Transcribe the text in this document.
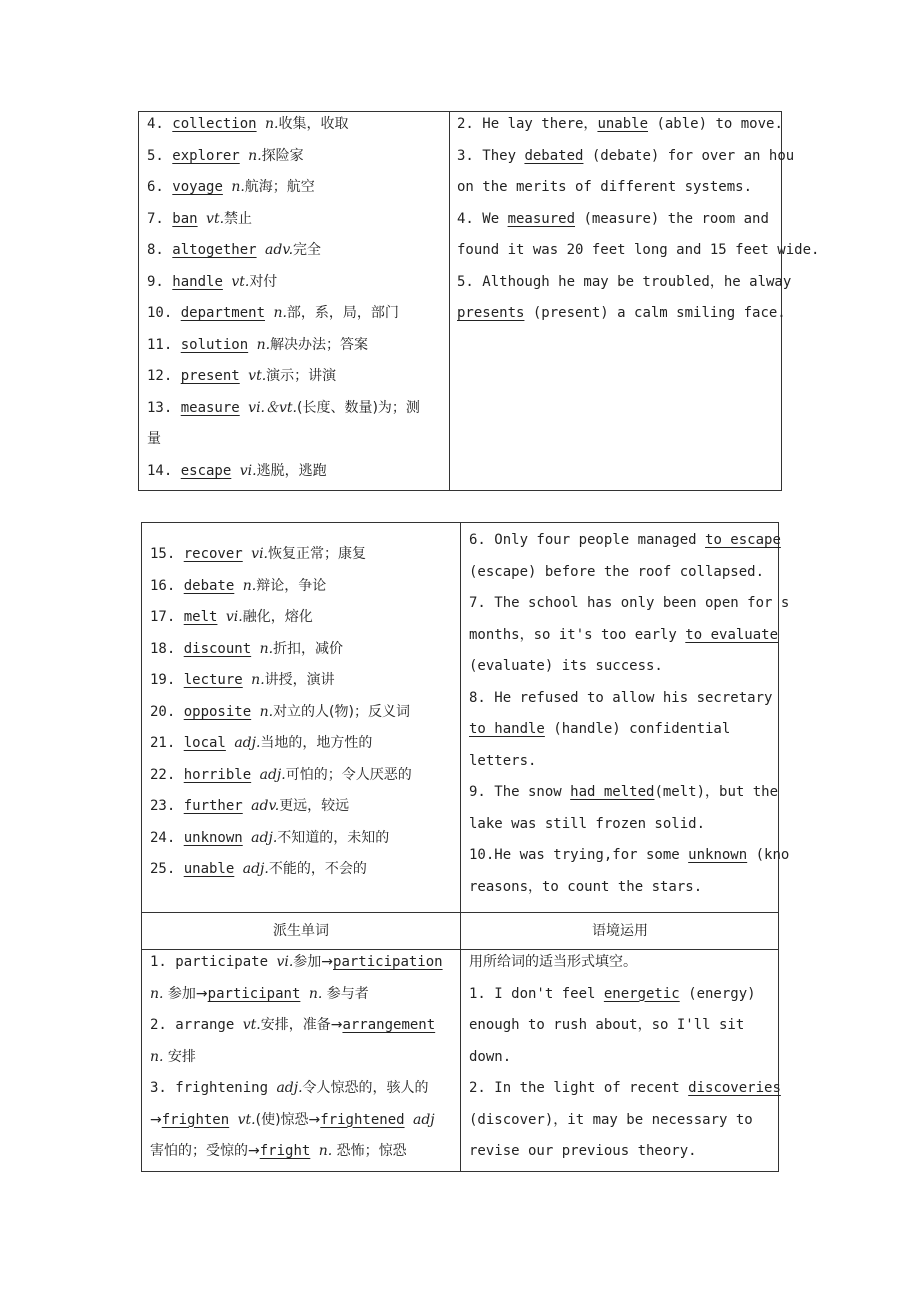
4. collection n.收集，收取
5. explorer n.探险家
6. voyage n.航海；航空
7. ban vt.禁止
8. altogether adv.完全
9. handle vt.对付
10. department n.部，系，局，部门
11. solution n.解决办法；答案
12. present vt.演示；讲演
13. measure vi.＆vt.(长度、数量)为；测
量
14. escape vi.逃脱，逃跑
2. He lay there，unable (able) to move.
3. They debated (debate) for over an hou
on the merits of different systems.
4. We measured (measure) the room and
found it was 20 feet long and 15 feet wide.
5. Although he may be troubled，he alway
presents (present) a calm smiling face.
15. recover vi.恢复正常；康复
16. debate n.辩论，争论
17. melt vi.融化，熔化
18. discount n.折扣，减价
19. lecture n.讲授，演讲
20. opposite n.对立的人(物)；反义词
21. local adj.当地的，地方性的
22. horrible adj.可怕的；令人厌恶的
23. further adv.更远，较远
24. unknown adj.不知道的，未知的
25. unable adj.不能的，不会的
6. Only four people managed to escape
(escape) before the roof collapsed.
7. The school has only been open for s
months，so it's too early to evaluate
(evaluate) its success.
8. He refused to allow his secretary
to handle (handle) confidential
letters.
9. The snow had melted(melt)，but the
lake was still frozen solid.
10.He was trying,for some unknown (kno
reasons，to count the stars.
派生单词	语境运用
1. participate vi.参加→participation
n. 参加→participant n. 参与者
2. arrange vt.安排，准备→arrangement
n. 安排
3. frightening adj.令人惊恐的，骇人的
→frighten vt.(使)惊恐→frightened adj
害怕的；受惊的→fright n. 恐怖；惊恐
用所给词的适当形式填空。
1. I don't feel energetic (energy)
enough to rush about，so I'll sit
down.
2. In the light of recent discoveries
(discover)，it may be necessary to
revise our previous theory.
